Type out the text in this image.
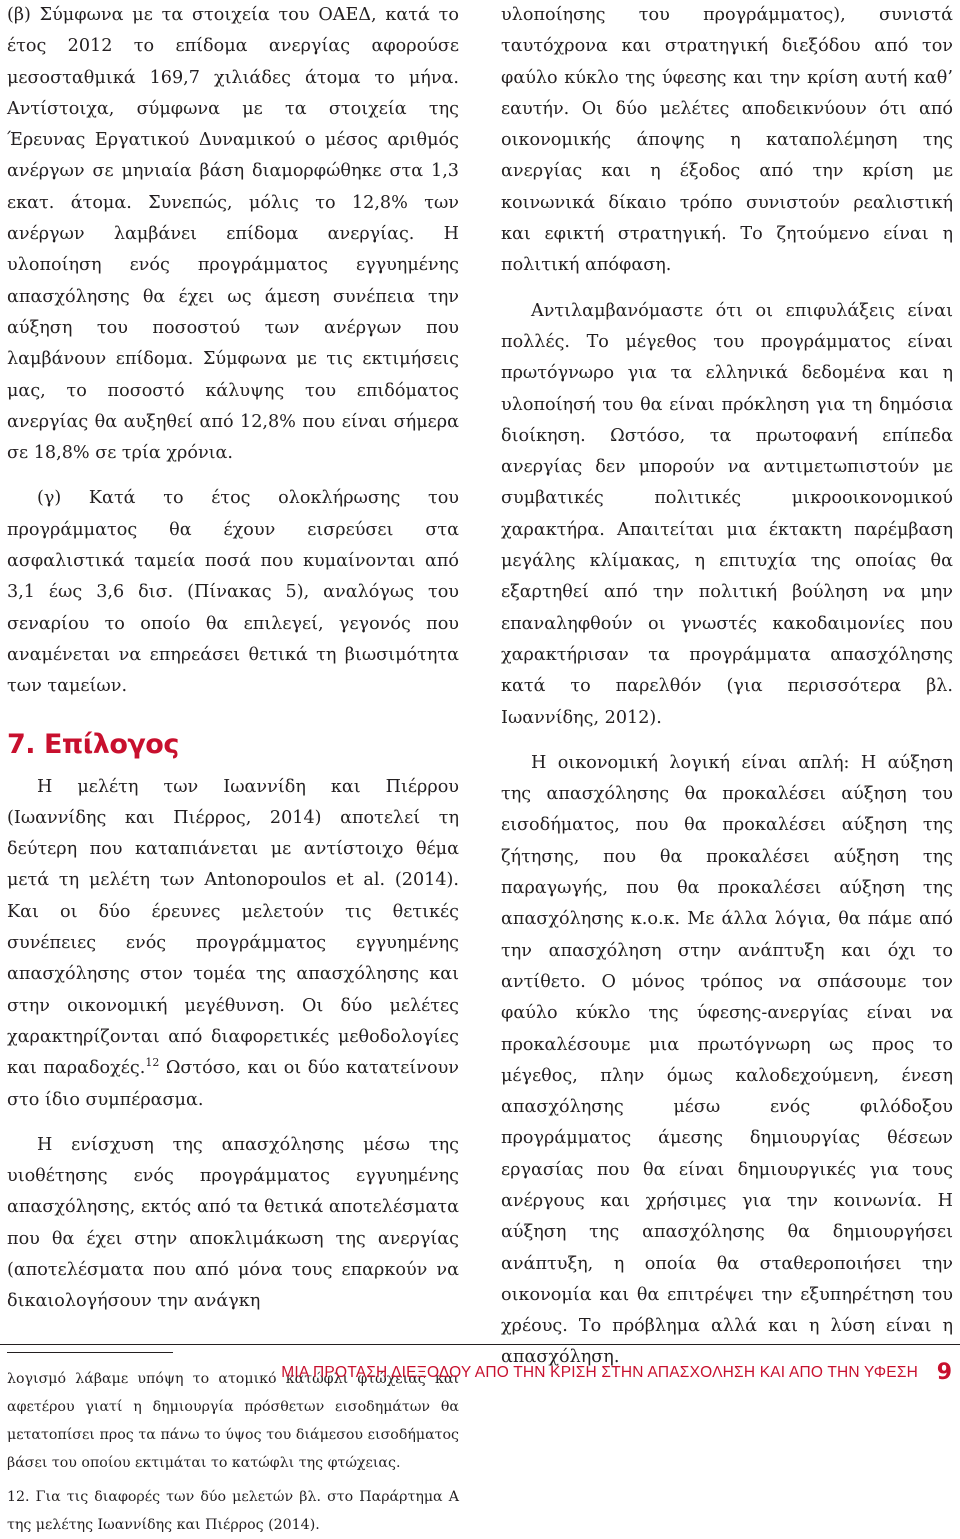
(β) Σύμφωνα με τα στοιχεία του ΟΑΕΔ, κατά το έτος 2012 το επίδομα ανεργίας αφορούσε μεσοσταθμικά 169,7 χιλιάδες άτομα το μήνα. Αντίστοιχα, σύμφωνα με τα στοιχεία της Έρευνας Εργατικού Δυναμικού ο μέσος αριθμός ανέργων σε μηνιαία βάση διαμορφώθηκε στα 1,3 εκατ. άτομα. Συνεπώς, μόλις το 12,8% των ανέργων λαμβάνει επίδομα ανεργίας. Η υλοποίηση ενός προγράμματος εγγυημένης απασχόλησης θα έχει ως άμεση συνέπεια την αύξηση του ποσοστού των ανέργων που λαμβάνουν επίδομα. Σύμφωνα με τις εκτιμήσεις μας, το ποσοστό κάλυψης του επιδόματος ανεργίας θα αυξηθεί από 12,8% που είναι σήμερα σε 18,8% σε τρία χρόνια.

(γ) Κατά το έτος ολοκλήρωσης του προγράμματος θα έχουν εισρεύσει στα ασφαλιστικά ταμεία ποσά που κυμαίνονται από 3,1 έως 3,6 δισ. (Πίνακας 5), αναλόγως του σεναρίου το οποίο θα επιλεγεί, γεγονός που αναμένεται να επηρεάσει θετικά τη βιωσιμότητα των ταμείων.

7. Επίλογος

Η μελέτη των Ιωαννίδη και Πιέρρου (Ιωαννίδης και Πιέρρος, 2014) αποτελεί τη δεύτερη που καταπιάνεται με αντίστοιχο θέμα μετά τη μελέτη των Antonopoulos et al. (2014). Και οι δύο έρευνες μελετούν τις θετικές συνέπειες ενός προγράμματος εγγυημένης απασχόλησης στον τομέα της απασχόλησης και στην οικονομική μεγέθυνση. Οι δύο μελέτες χαρακτηρίζονται από διαφορετικές μεθοδολογίες και παραδοχές.$^{12}$ Ωστόσο, και οι δύο κατατείνουν στο ίδιο συμπέρασμα.

Η ενίσχυση της απασχόλησης μέσω της υιοθέτησης ενός προγράμματος εγγυημένης απασχόλησης, εκτός από τα θετικά αποτελέσματα που θα έχει στην αποκλιμάκωση της ανεργίας (αποτελέσματα που από μόνα τους επαρκούν να δικαιολογήσουν την ανάγκη

λογισμό λάβαμε υπόψη το ατομικό κατώφλι φτώχειας και αφετέρου γιατί η δημιουργία πρόσθετων εισοδημάτων θα μετατοπίσει προς τα πάνω το ύψος του διάμεσου εισοδήματος βάσει του οποίου εκτιμάται το κατώφλι της φτώχειας.

12. Για τις διαφορές των δύο μελετών βλ. στο Παράρτημα Α της μελέτης Ιωαννίδης και Πιέρρος (2014).

υλοποίησης του προγράμματος), συνιστά ταυτόχρονα και στρατηγική διεξόδου από τον φαύλο κύκλο της ύφεσης και την κρίση αυτή καθ’ εαυτήν. Οι δύο μελέτες αποδεικνύουν ότι από οικονομικής άποψης η καταπολέμηση της ανεργίας και η έξοδος από την κρίση με κοινωνικά δίκαιο τρόπο συνιστούν ρεαλιστική και εφικτή στρατηγική. Το ζητούμενο είναι η πολιτική απόφαση.

Αντιλαμβανόμαστε ότι οι επιφυλάξεις είναι πολλές. Το μέγεθος του προγράμματος είναι πρωτόγνωρο για τα ελληνικά δεδομένα και η υλοποίησή του θα είναι πρόκληση για τη δημόσια διοίκηση. Ωστόσο, τα πρωτοφανή επίπεδα ανεργίας δεν μπορούν να αντιμετωπιστούν με συμβατικές πολιτικές μικροοικονομικού χαρακτήρα. Απαιτείται μια έκτακτη παρέμβαση μεγάλης κλίμακας, η επιτυχία της οποίας θα εξαρτηθεί από την πολιτική βούληση να μην επαναληφθούν οι γνωστές κακοδαιμονίες που χαρακτήρισαν τα προγράμματα απασχόλησης κατά το παρελθόν (για περισσότερα βλ. Ιωαννίδης, 2012).

Η οικονομική λογική είναι απλή: Η αύξηση της απασχόλησης θα προκαλέσει αύξηση του εισοδήματος, που θα προκαλέσει αύξηση της ζήτησης, που θα προκαλέσει αύξηση της παραγωγής, που θα προκαλέσει αύξηση της απασχόλησης κ.ο.κ. Με άλλα λόγια, θα πάμε από την απασχόληση στην ανάπτυξη και όχι το αντίθετο. Ο μόνος τρόπος να σπάσουμε τον φαύλο κύκλο της ύφεσης-ανεργίας είναι να προκαλέσουμε μια πρωτόγνωρη ως προς το μέγεθος, πλην όμως καλοδεχούμενη, ένεση απασχόλησης μέσω ενός φιλόδοξου προγράμματος άμεσης δημιουργίας θέσεων εργασίας που θα είναι δημιουργικές για τους ανέργους και χρήσιμες για την κοινωνία. Η αύξηση της απασχόλησης θα δημιουργήσει ανάπτυξη, η οποία θα σταθεροποιήσει την οικονομία και θα επιτρέψει την εξυπηρέτηση του χρέους. Το πρόβλημα αλλά και η λύση είναι η απασχόληση.

ΜΙΑ ΠΡΟΤΑΣΗ ΔΙΕΞΟΔΟΥ ΑΠΟ ΤΗΝ ΚΡΙΣΗ ΣΤΗΝ ΑΠΑΣΧΟΛΗΣΗ ΚΑΙ ΑΠΟ ΤΗΝ ΥΦΕΣΗ 9
